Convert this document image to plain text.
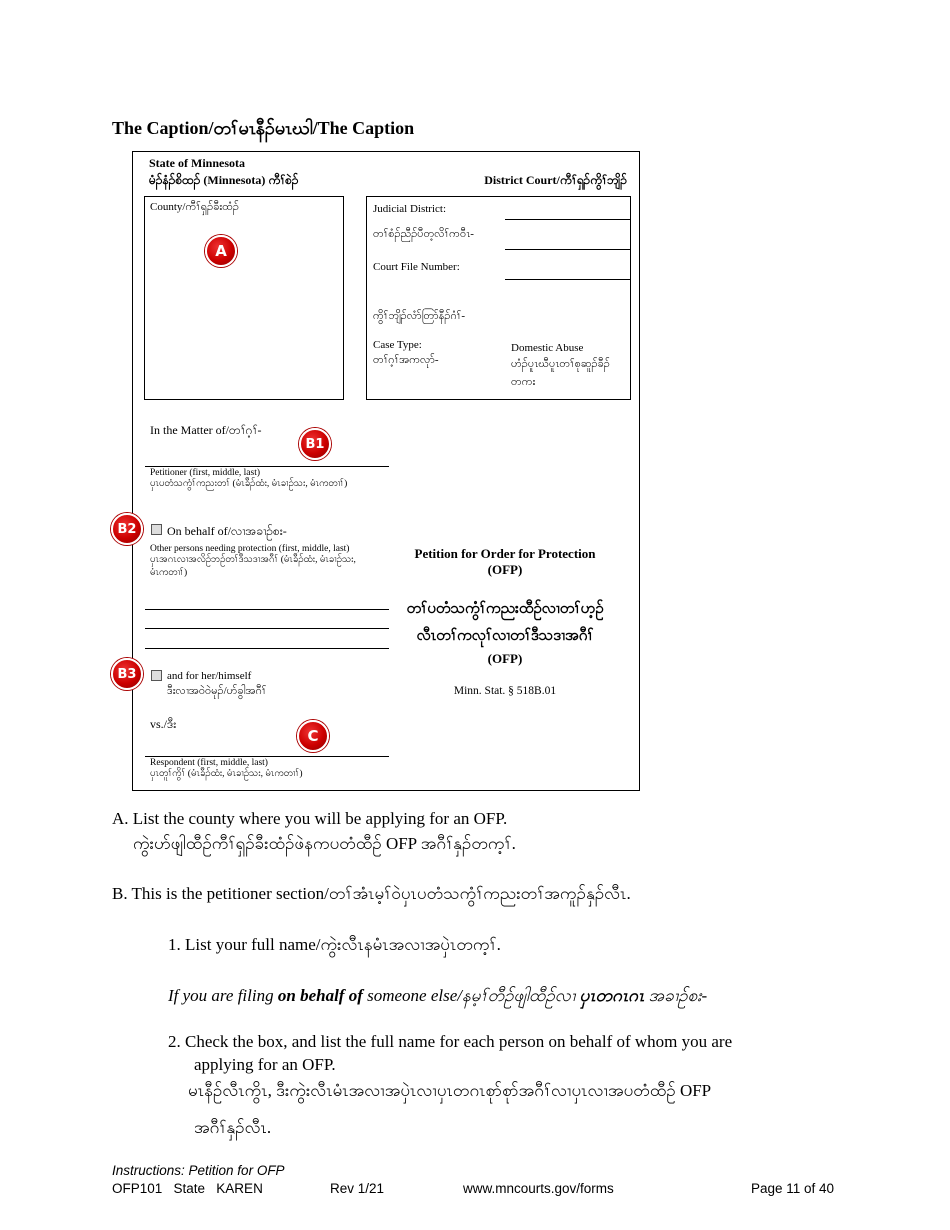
The Caption/တၢ်မၤနီၣ်မၤဃါ/The Caption
State of Minnesota
မံၣ်နံၣ်စိထၣ် (Minnesota) ကီၢ်စဲၣ်	District Court/ကီၢ်ရှၣ်ကွိၢ်ဘျိၣ်
County/ကီၢ်ရှၣ်ခီးထံၣ်	Judicial District:
တၢ်စံၣ်ညီၣ်ပီတ့လိၢ်ကဝီၤ-
Court File Number:
ကွိၢ်ဘျိၣ်လံာ်တြာ်နီၣ်ဂံၢ်-
Case Type:
တၢ်ဂ့ၢ်အကလုာ်-
Domestic Abuse
ဟံၣ်ပူၤဃီပူၤတၢ်စုဆူၣ်ခီၣ်
တကး
In the Matter of/တၢ်ဂ့ၢ်-
Petitioner (first, middle, last)
ပှၤပတံသကွံၢ်ကညးတၢ် (မံၤခီၣ်ထံး, မံၤခၢဉ်သး, မံၤကတၢၢ်)
On behalf of/လၢအခၢဉ်စး-
Other persons needing protection (first, middle, last)
ပှၤအဂၤလၢအလိဉ်ဘဉ်တၢ်ဒီသဒၢအဂီၢ် (မံၤခီၣ်ထံး, မံၤခၢဉ်သး,
မံၤကတၢၢ်)
and for her/himself
ဒီးလၢအဝဲဝဲမုၣ်/ဟ်ခွါအဂီၢ်
vs./ဒီး
Respondent (first, middle, last)
ပှၤတူၢ်ကွိၢ် (မံၤခီၣ်ထံး, မံၤခၢဉ်သး, မံၤကတၢၢ်)
Petition for Order for Protection
(OFP)
တၢ်ပတံသကွံၢ်ကညးထီဉ်လၢတၢ်ဟ့ဉ်
လီၤတၢ်ကလုၢ်လၢတၢ်ဒီသဒၢအဂီၢ်
(OFP)
Minn. Stat. § 518B.01
A
B1
B2
B3
C
A. List the county where you will be applying for an OFP.
ကွဲးဟ်ဖျါထီဉ်ကီၢ်ရှၣ်ခီးထံၣ်ဖဲနကပတံထီဉ် OFP အဂီၢ်နှၣ်တက့ၢ်.
B. This is the petitioner section/တၢ်အံၤမ့ၢ်ဝဲပှၤပတံသကွံၢ်ကညးတၢ်အကူၣ်နှၣ်လီၤ.
1. List your full name/ကွဲးလီၤနမံၤအလၢအပှဲၤတက့ၢ်.
If you are filing on behalf of someone else/နမ့ၢ်တီဉ်ဖျါထီဉ်လၢ ပှၤတဂၤဂၤ အခၢဉ်စး-
2. Check the box, and list the full name for each person on behalf of whom you are
applying for an OFP.
မၤနီဉ်လီၤကွိၤ, ဒီးကွဲးလီၤမံၤအလၢအပှဲၤလၢပှၤတဂၤစုာ်စုာ်အဂီၢ်လၢပှၤလၢအပတံထီဉ် OFP
အဂီၢ်နှၣ်လီၤ.
Instructions: Petition for OFP
OFP101   State   KAREN	Rev 1/21	www.mncourts.gov/forms	Page 11 of 40
